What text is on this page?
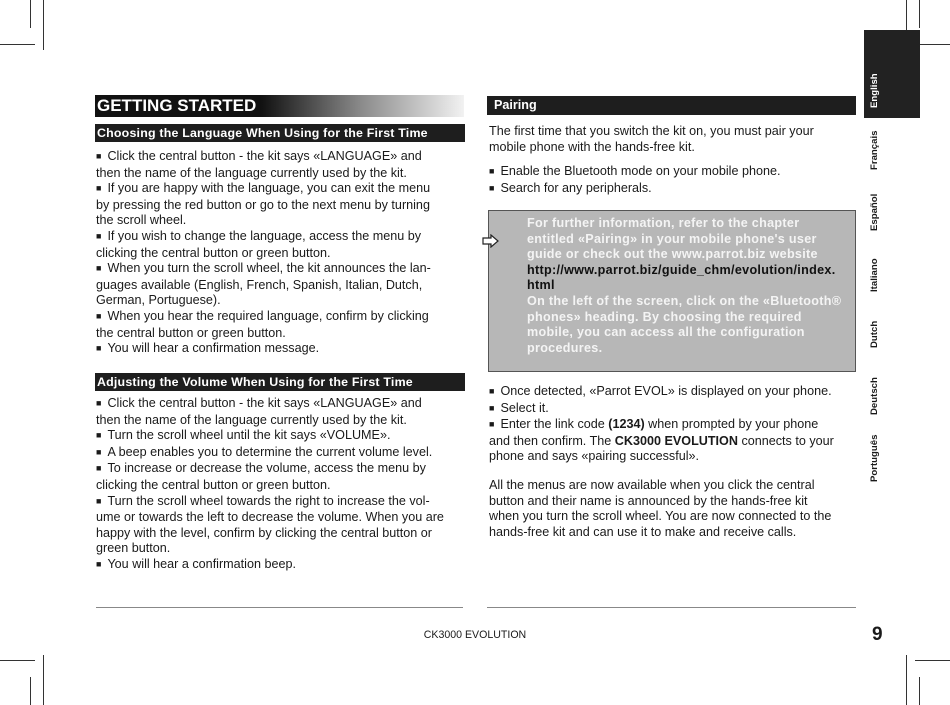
GETTING STARTED
Choosing the Language When Using for the First Time

■ Click the central button - the kit says «LANGUAGE» and

then the name of the language currently used by the kit.

■ If you are happy with the language, you can exit the menu

by pressing the red button or go to the next menu by turning

the scroll wheel.

■ If you wish to change the language, access the menu by

clicking the central button or green button.

■ When you turn the scroll wheel, the kit announces the lan-

guages available (English, French, Spanish, Italian, Dutch,

German, Portuguese).

■ When you hear the required language, confirm by clicking

the central button or green button.

■ You will hear a confirmation message.

Adjusting the Volume When Using for the First Time

■ Click the central button - the kit says «LANGUAGE» and

then the name of the language currently used by the kit.

■ Turn the scroll wheel until the kit says «VOLUME».

■ A beep enables you to determine the current volume level.

■ To increase or decrease the volume, access the menu by

clicking the central button or green button.

■ Turn the scroll wheel towards the right to increase the vol-

ume or towards the left to decrease the volume. When you are

happy with the level, confirm by clicking the central button or

green button.

■ You will hear a confirmation beep.

Pairing

The first time that you switch the kit on, you must pair your

mobile phone with the hands-free kit.

■ Enable the Bluetooth mode on your mobile phone.

■ Search for any peripherals.

For further information, refer to the chapter

entitled «Pairing» in your mobile phone's user

guide or check out the www.parrot.biz website

http://www.parrot.biz/guide_chm/evolution/index.

html

On the left of the screen, click on the «Bluetooth®

phones» heading. By choosing the required

mobile, you can access all the configuration

procedures.

■ Once detected, «Parrot EVOL» is displayed on your phone.

■ Select it.

■ Enter the link code (1234) when prompted by your phone

and then confirm. The CK3000 EVOLUTION connects to your

phone and says «pairing successful».

All the menus are now available when you click the central

button and their name is announced by the hands-free kit

when you turn the scroll wheel. You are now connected to the

hands-free kit and can use it to make and receive calls.

English
Français
Español
Italiano
Dutch
Deutsch
Português
CK3000 EVOLUTION	9
